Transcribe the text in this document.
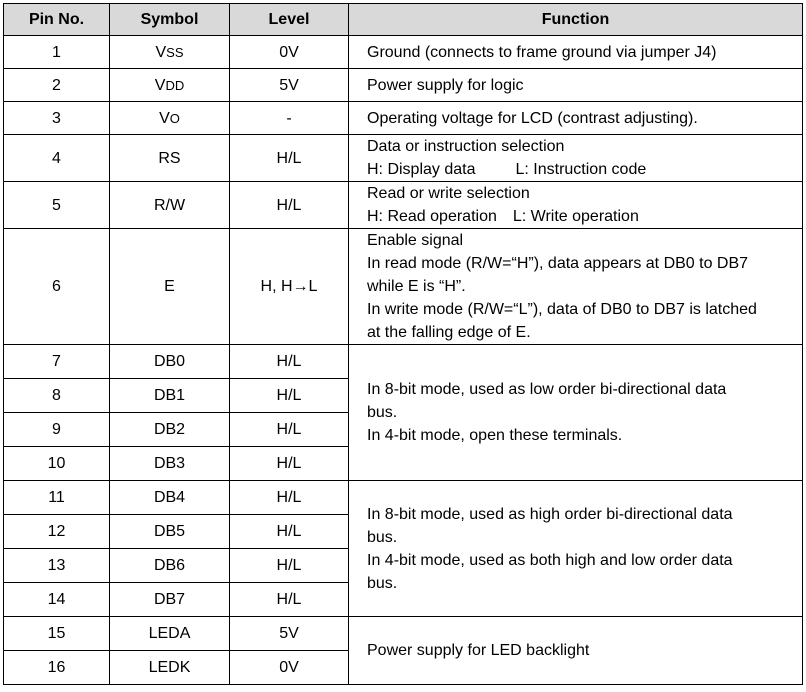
Pin No.	Symbol	Level	Function
1	VSS	0V	Ground (connects to frame ground via jumper J4)
2	VDD	5V	Power supply for logic
3	VO	-	Operating voltage for LCD (contrast adjusting).
4	RS	H/L	Data or instruction selection
H: Display data L: Instruction code

5	R/W	H/L	Read or write selection
H: Read operation L: Write operation

6	E	H, H→L	Enable signal
In read mode (R/W=“H”), data appears at DB0 to DB7
while E is “H”.
In write mode (R/W=“L”), data of DB0 to DB7 is latched
at the falling edge of E.

7	DB0	H/L	In 8-bit mode, used as low order bi-directional data
bus.
In 4-bit mode, open these terminals.

8	DB1	H/L	
9	DB2	H/L	
10	DB3	H/L	
11	DB4	H/L	In 8-bit mode, used as high order bi-directional data
bus.
In 4-bit mode, used as both high and low order data
bus.

12	DB5	H/L	
13	DB6	H/L	
14	DB7	H/L	
15	LEDA	5V	Power supply for LED backlight
16	LEDK	0V	
